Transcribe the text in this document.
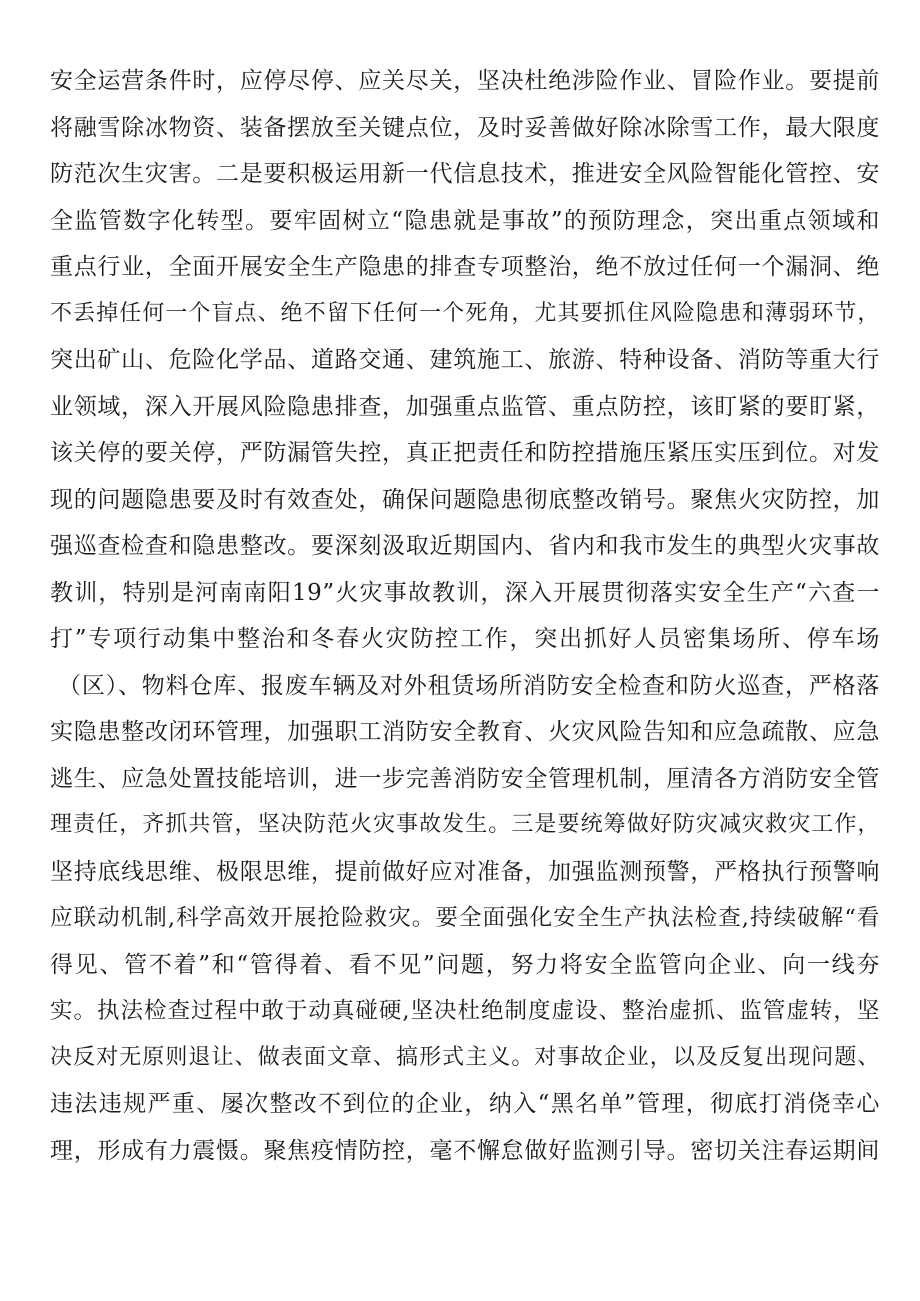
安全运营条件时，应停尽停、应关尽关，坚决杜绝涉险作业、冒险作业。要提前
将融雪除冰物资、装备摆放至关键点位，及时妥善做好除冰除雪工作，最大限度
防范次生灾害。二是要积极运用新一代信息技术，推进安全风险智能化管控、安
全监管数字化转型。要牢固树立“隐患就是事故”的预防理念，突出重点领域和
重点行业，全面开展安全生产隐患的排查专项整治，绝不放过任何一个漏洞、绝
不丢掉任何一个盲点、绝不留下任何一个死角，尤其要抓住风险隐患和薄弱环节，
突出矿山、危险化学品、道路交通、建筑施工、旅游、特种设备、消防等重大行
业领域，深入开展风险隐患排查，加强重点监管、重点防控，该盯紧的要盯紧，
该关停的要关停，严防漏管失控，真正把责任和防控措施压紧压实压到位。对发
现的问题隐患要及时有效查处，确保问题隐患彻底整改销号。聚焦火灾防控，加
强巡查检查和隐患整改。要深刻汲取近期国内、省内和我市发生的典型火灾事故
教训，特别是河南南阳19”火灾事故教训，深入开展贯彻落实安全生产“六查一
打”专项行动集中整治和冬春火灾防控工作，突出抓好人员密集场所、停车场
（区）、物料仓库、报废车辆及对外租赁场所消防安全检查和防火巡查，严格落
实隐患整改闭环管理，加强职工消防安全教育、火灾风险告知和应急疏散、应急
逃生、应急处置技能培训，进一步完善消防安全管理机制，厘清各方消防安全管
理责任，齐抓共管，坚决防范火灾事故发生。三是要统筹做好防灾减灾救灾工作，
坚持底线思维、极限思维，提前做好应对准备，加强监测预警，严格执行预警响
应联动机制,科学高效开展抢险救灾。要全面强化安全生产执法检查,持续破解“看
得见、管不着”和“管得着、看不见”问题，努力将安全监管向企业、向一线夯
实。执法检查过程中敢于动真碰硬,坚决杜绝制度虚设、整治虚抓、监管虚转，坚
决反对无原则退让、做表面文章、搞形式主义。对事故企业，以及反复出现问题、
违法违规严重、屡次整改不到位的企业，纳入“黑名单”管理，彻底打消侥幸心
理，形成有力震慑。聚焦疫情防控，毫不懈怠做好监测引导。密切关注春运期间
